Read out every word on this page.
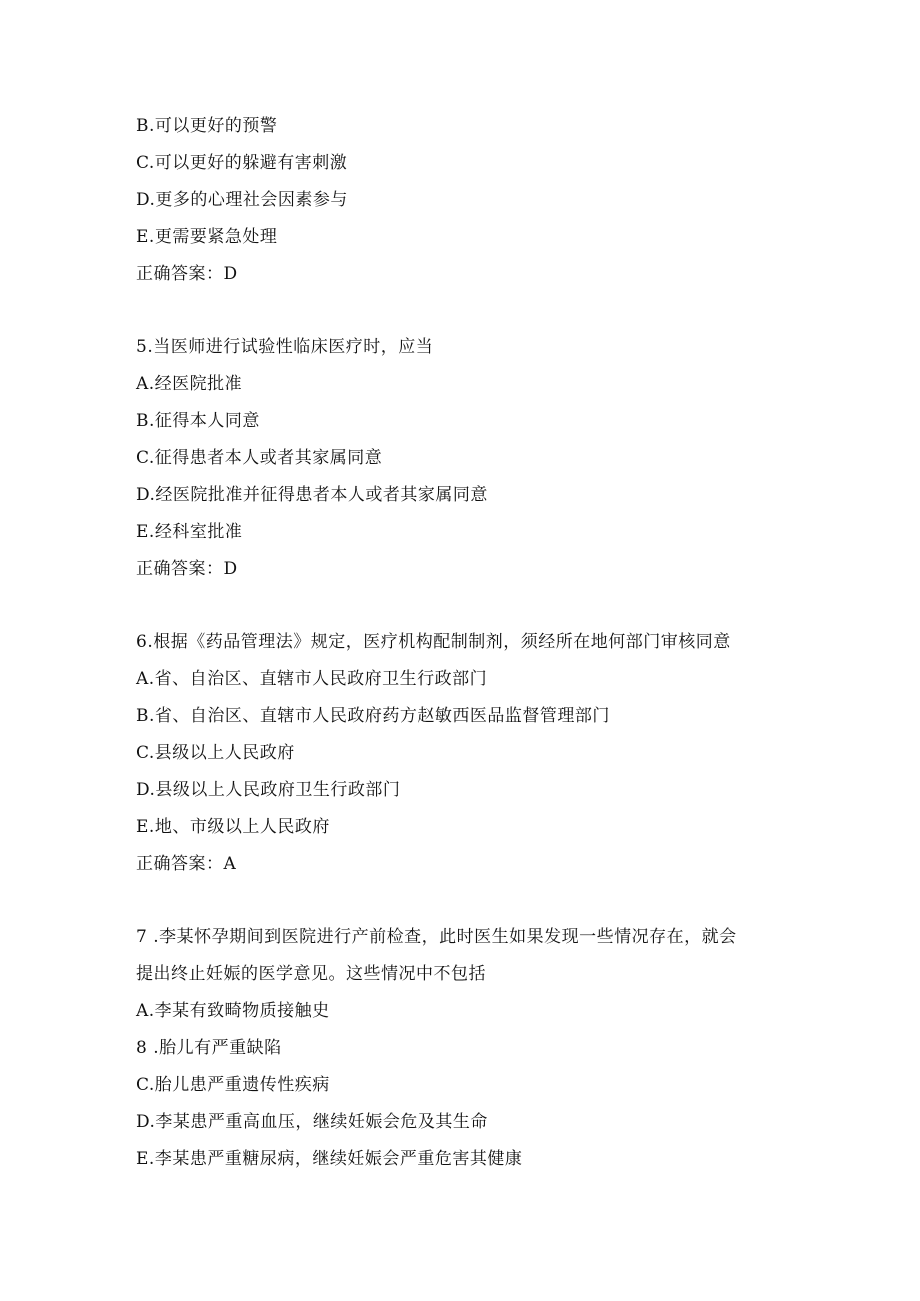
B.可以更好的预警
C.可以更好的躲避有害刺激
D.更多的心理社会因素参与
E.更需要紧急处理
正确答案：D
5.当医师进行试验性临床医疗时，应当
A.经医院批准
B.征得本人同意
C.征得患者本人或者其家属同意
D.经医院批准并征得患者本人或者其家属同意
E.经科室批准
正确答案：D
6.根据《药品管理法》规定，医疗机构配制制剂，须经所在地何部门审核同意
A.省、自治区、直辖市人民政府卫生行政部门
B.省、自治区、直辖市人民政府药方赵敏西医品监督管理部门
C.县级以上人民政府
D.县级以上人民政府卫生行政部门
E.地、市级以上人民政府
正确答案：A
7 .李某怀孕期间到医院进行产前检查，此时医生如果发现一些情况存在，就会
提出终止妊娠的医学意见。这些情况中不包括
A.李某有致畸物质接触史
8 .胎儿有严重缺陷
C.胎儿患严重遗传性疾病
D.李某患严重高血压，继续妊娠会危及其生命
E.李某患严重糖尿病，继续妊娠会严重危害其健康
